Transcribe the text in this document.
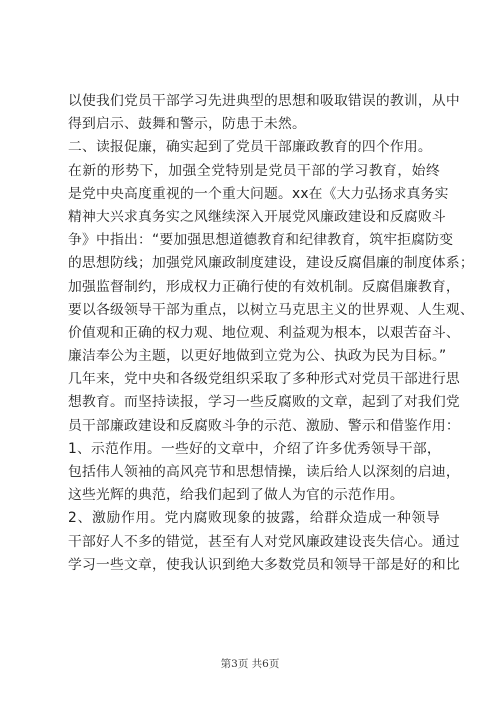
以使我们党员干部学习先进典型的思想和吸取错误的教训，从中
得到启示、鼓舞和警示，防患于未然。
二、读报促廉，确实起到了党员干部廉政教育的四个作用。
在新的形势下，加强全党特别是党员干部的学习教育，始终
是党中央高度重视的一个重大问题。xx在《大力弘扬求真务实
精神大兴求真务实之风继续深入开展党风廉政建设和反腐败斗
争》中指出：“要加强思想道德教育和纪律教育，筑牢拒腐防变
的思想防线；加强党风廉政制度建设，建设反腐倡廉的制度体系；
加强监督制约，形成权力正确行使的有效机制。反腐倡廉教育，
要以各级领导干部为重点，以树立马克思主义的世界观、人生观、
价值观和正确的权力观、地位观、利益观为根本，以艰苦奋斗、
廉洁奉公为主题，以更好地做到立党为公、执政为民为目标。”
几年来，党中央和各级党组织采取了多种形式对党员干部进行思
想教育。而坚持读报，学习一些反腐败的文章，起到了对我们党
员干部廉政建设和反腐败斗争的示范、激励、警示和借鉴作用：
1、示范作用。一些好的文章中，介绍了许多优秀领导干部，
包括伟人领袖的高风亮节和思想情操，读后给人以深刻的启迪，
这些光辉的典范，给我们起到了做人为官的示范作用。
2、激励作用。党内腐败现象的披露，给群众造成一种领导
干部好人不多的错觉，甚至有人对党风廉政建设丧失信心。通过
学习一些文章，使我认识到绝大多数党员和领导干部是好的和比
第3页 共6页
